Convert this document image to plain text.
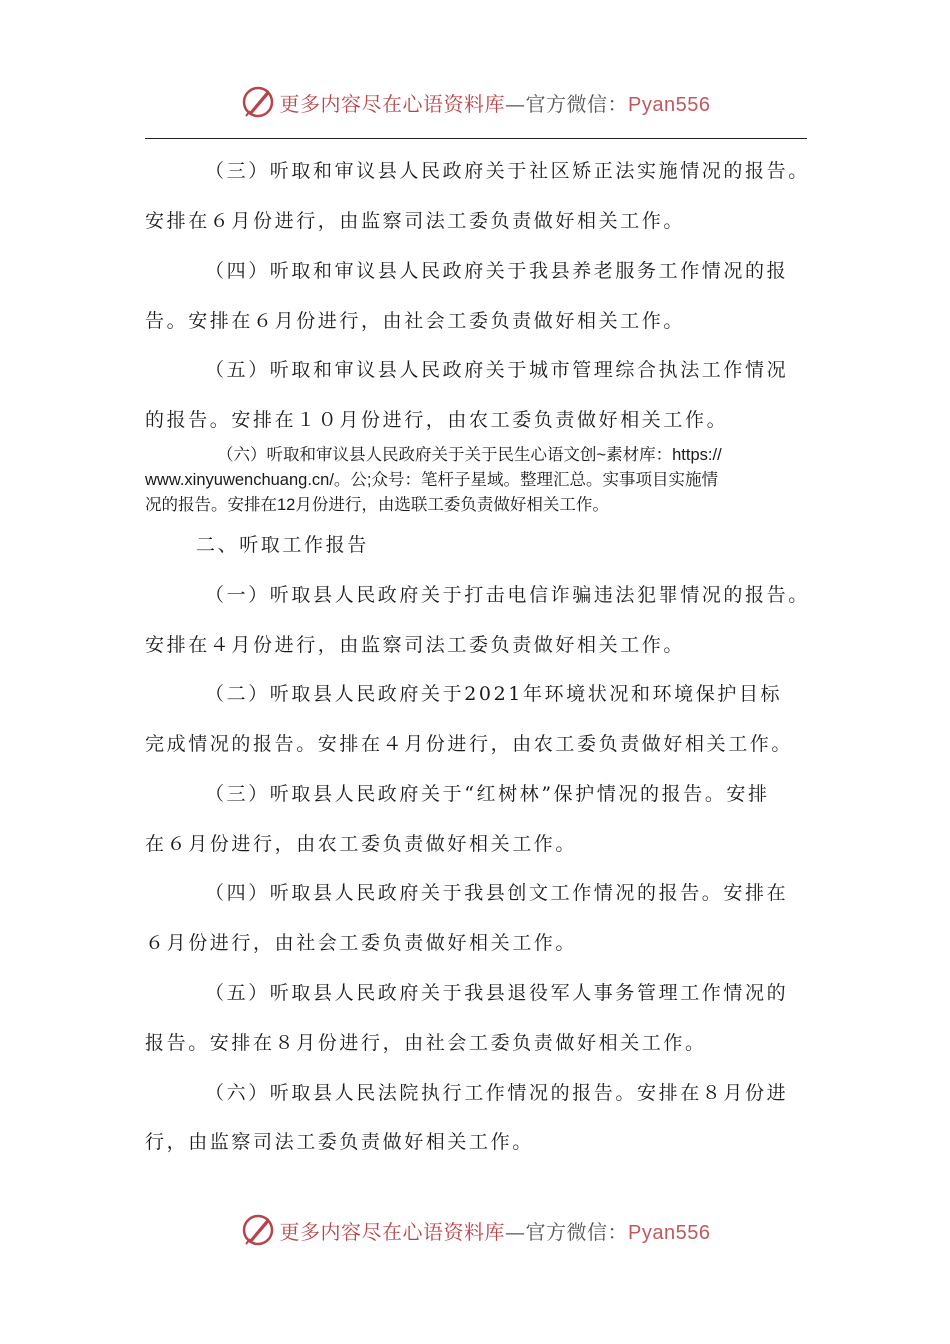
更多内容尽在心语资料库—官方微信：Pyan556
（三）听取和审议县人民政府关于社区矫正法实施情况的报告。
安排在６月份进行，由监察司法工委负责做好相关工作。
（四）听取和审议县人民政府关于我县养老服务工作情况的报
告。安排在６月份进行，由社会工委负责做好相关工作。
（五）听取和审议县人民政府关于城市管理综合执法工作情况
的报告。安排在１０月份进行，由农工委负责做好相关工作。
（六）听取和审议县人民政府关于关于民生心语文创~素材库：https://
www.xinyuwenchuang.cn/。公;众号：笔杆子星域。整理汇总。实事项目实施情
况的报告。安排在12月份进行，由选联工委负责做好相关工作。
二、听取工作报告
（一）听取县人民政府关于打击电信诈骗违法犯罪情况的报告。
安排在４月份进行，由监察司法工委负责做好相关工作。
（二）听取县人民政府关于2021年环境状况和环境保护目标
完成情况的报告。安排在４月份进行，由农工委负责做好相关工作。
（三）听取县人民政府关于“红树林”保护情况的报告。安排
在６月份进行，由农工委负责做好相关工作。
（四）听取县人民政府关于我县创文工作情况的报告。安排在
６月份进行，由社会工委负责做好相关工作。
（五）听取县人民政府关于我县退役军人事务管理工作情况的
报告。安排在８月份进行，由社会工委负责做好相关工作。
（六）听取县人民法院执行工作情况的报告。安排在８月份进
行，由监察司法工委负责做好相关工作。
更多内容尽在心语资料库—官方微信：Pyan556
